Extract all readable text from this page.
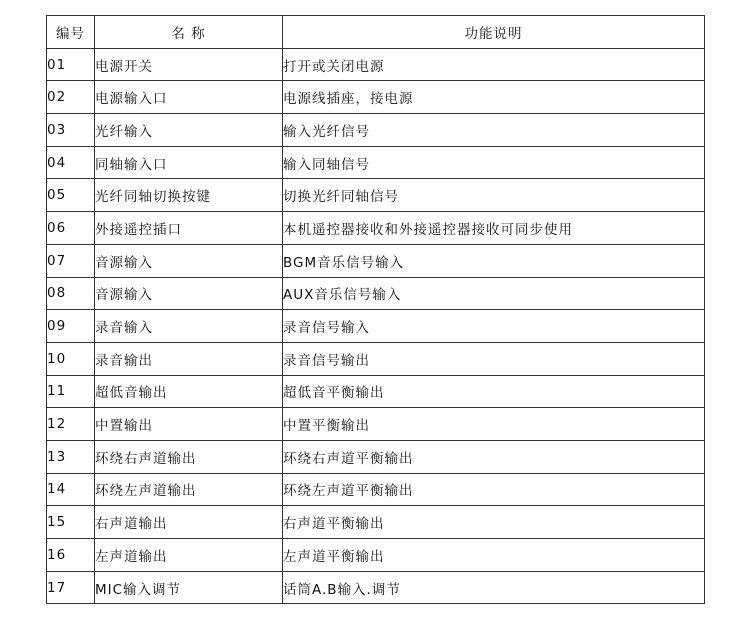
编号	名 称	功能说明
01	电源开关	打开或关闭电源
02	电源输入口	电源线插座，接电源
03	光纤输入	输入光纤信号
04	同轴输入口	输入同轴信号
05	光纤同轴切换按键	切换光纤同轴信号
06	外接遥控插口	本机遥控器接收和外接遥控器接收可同步使用
07	音源输入	BGM音乐信号输入
08	音源输入	AUX音乐信号输入
09	录音输入	录音信号输入
10	录音输出	录音信号输出
11	超低音输出	超低音平衡输出
12	中置输出	中置平衡输出
13	环绕右声道输出	环绕右声道平衡输出
14	环绕左声道输出	环绕左声道平衡输出
15	右声道输出	右声道平衡输出
16	左声道输出	左声道平衡输出
17	MIC输入调节	话筒A.B输入.调节
